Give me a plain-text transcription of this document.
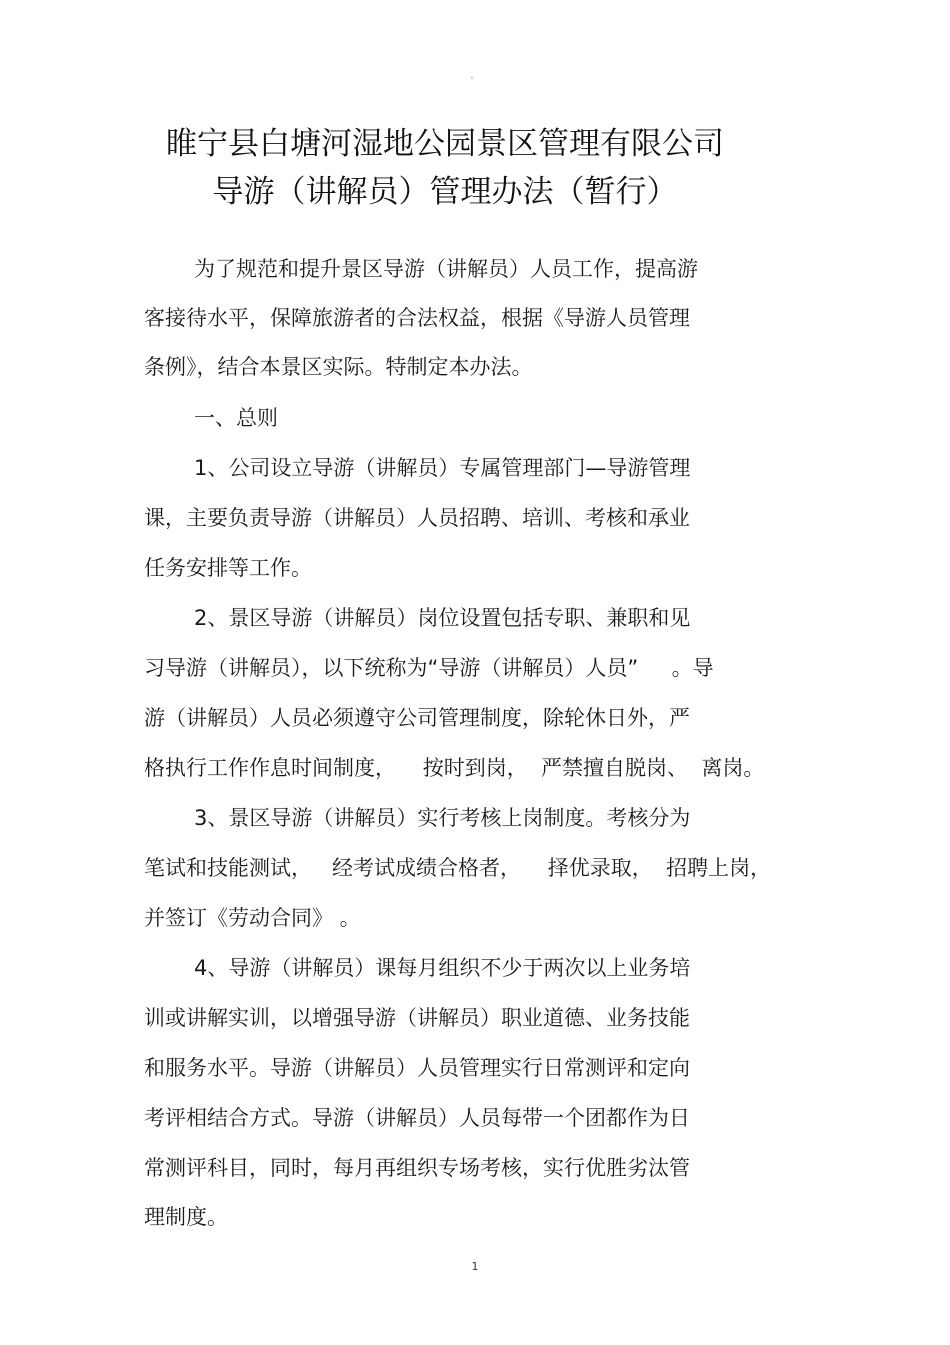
。
睢宁县白塘河湿地公园景区管理有限公司
导游（讲解员）管理办法（暂行）
为了规范和提升景区导游（讲解员）人员工作，提高游
客接待水平，保障旅游者的合法权益，根据《导游人员管理
条例》，结合本景区实际。特制定本办法。
一、总则
1、公司设立导游（讲解员）专属管理部门—导游管理
课，主要负责导游（讲解员）人员招聘、培训、考核和承业
任务安排等工作。
2、景区导游（讲解员）岗位设置包括专职、兼职和见
习导游（讲解员），以下统称为“导游（讲解员）人员”     。导
游（讲解员）人员必须遵守公司管理制度，除轮休日外，严
格执行工作作息时间制度，    按时到岗，  严禁擅自脱岗、  离岗。
3、景区导游（讲解员）实行考核上岗制度。考核分为
笔试和技能测试，   经考试成绩合格者，    择优录取，  招聘上岗，
并签订《劳动合同》 。
4、导游（讲解员）课每月组织不少于两次以上业务培
训或讲解实训，以增强导游（讲解员）职业道德、业务技能
和服务水平。导游（讲解员）人员管理实行日常测评和定向
考评相结合方式。导游（讲解员）人员每带一个团都作为日
常测评科目，同时，每月再组织专场考核，实行优胜劣汰管
理制度。
1
